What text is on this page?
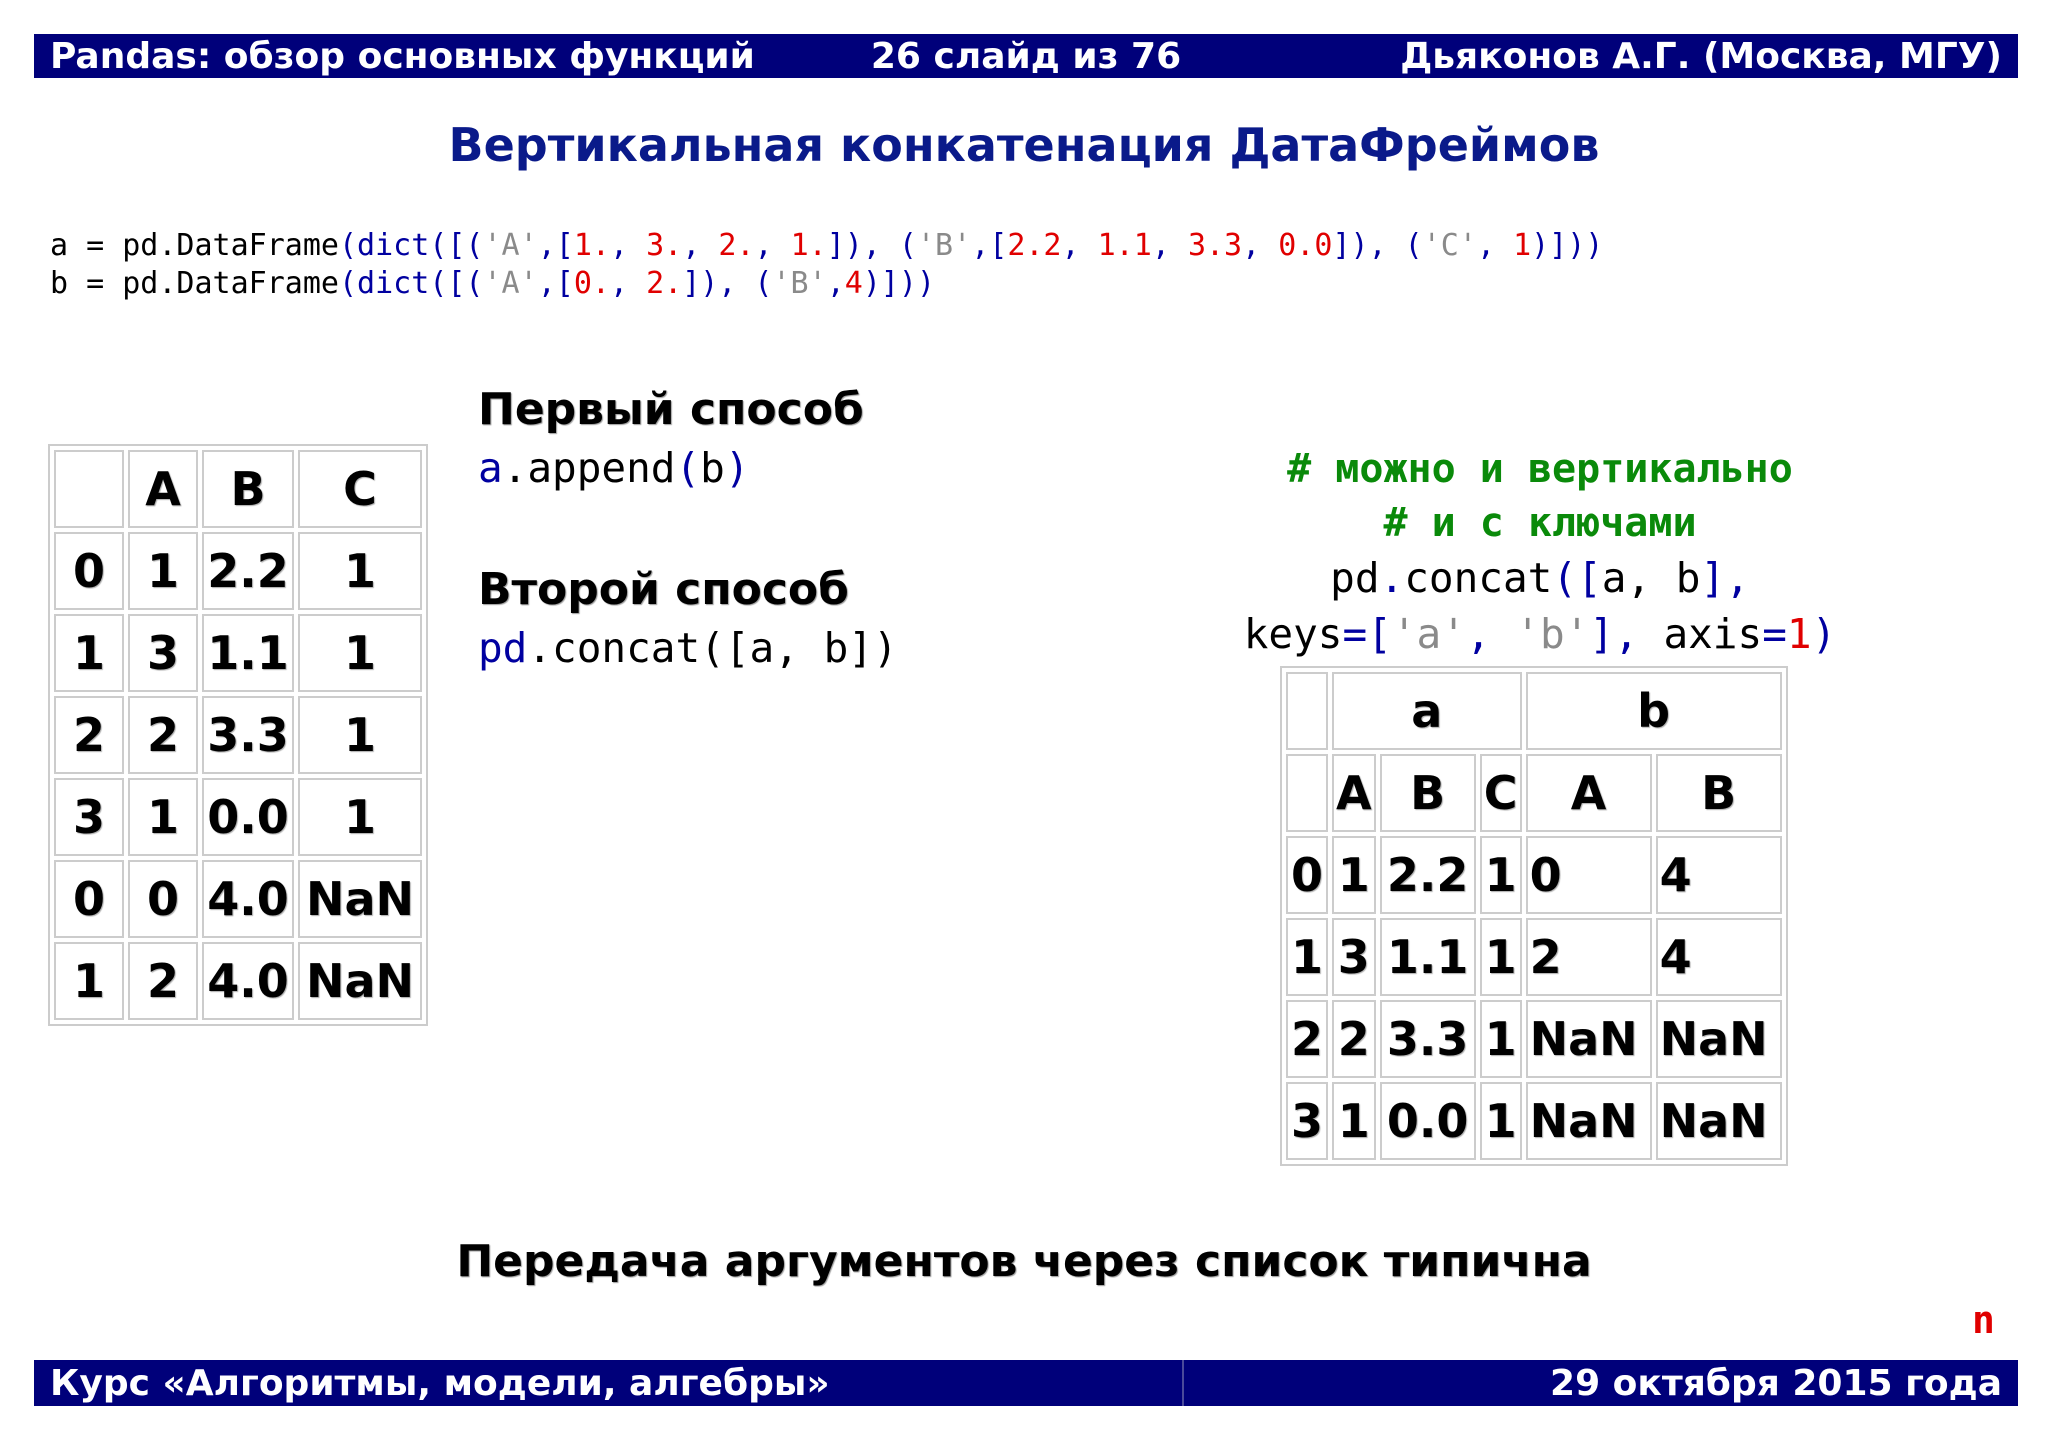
Pandas: обзор основных функций	26 слайд из 76	Дьяконов А.Г. (Москва, МГУ)
Вертикальная конкатенация ДатаФреймов
a = pd.DataFrame(dict([('A',[1., 3., 2., 1.]), ('B',[2.2, 1.1, 3.3, 0.0]), ('C', 1)]))
b = pd.DataFrame(dict([('A',[0., 2.]), ('B',4)]))
Первый способ
a.append(b)
Второй способ
pd.concat([a, b])
# можно и вертикально
# и с ключами
pd.concat([a, b],
keys=['a', 'b'], axis=1)
	A	B	C
0	1	2.2	1
1	3	1.1	1
2	2	3.3	1
3	1	0.0	1
0	0	4.0	NaN
1	2	4.0	NaN
	a			b	
	A	B	C	A	B
0	1	2.2	1	0	4
1	3	1.1	1	2	4
2	2	3.3	1	NaN	NaN
3	1	0.0	1	NaN	NaN
Передача аргументов через список типична
n
Курс «Алгоритмы, модели, алгебры»	29 октября 2015 года
